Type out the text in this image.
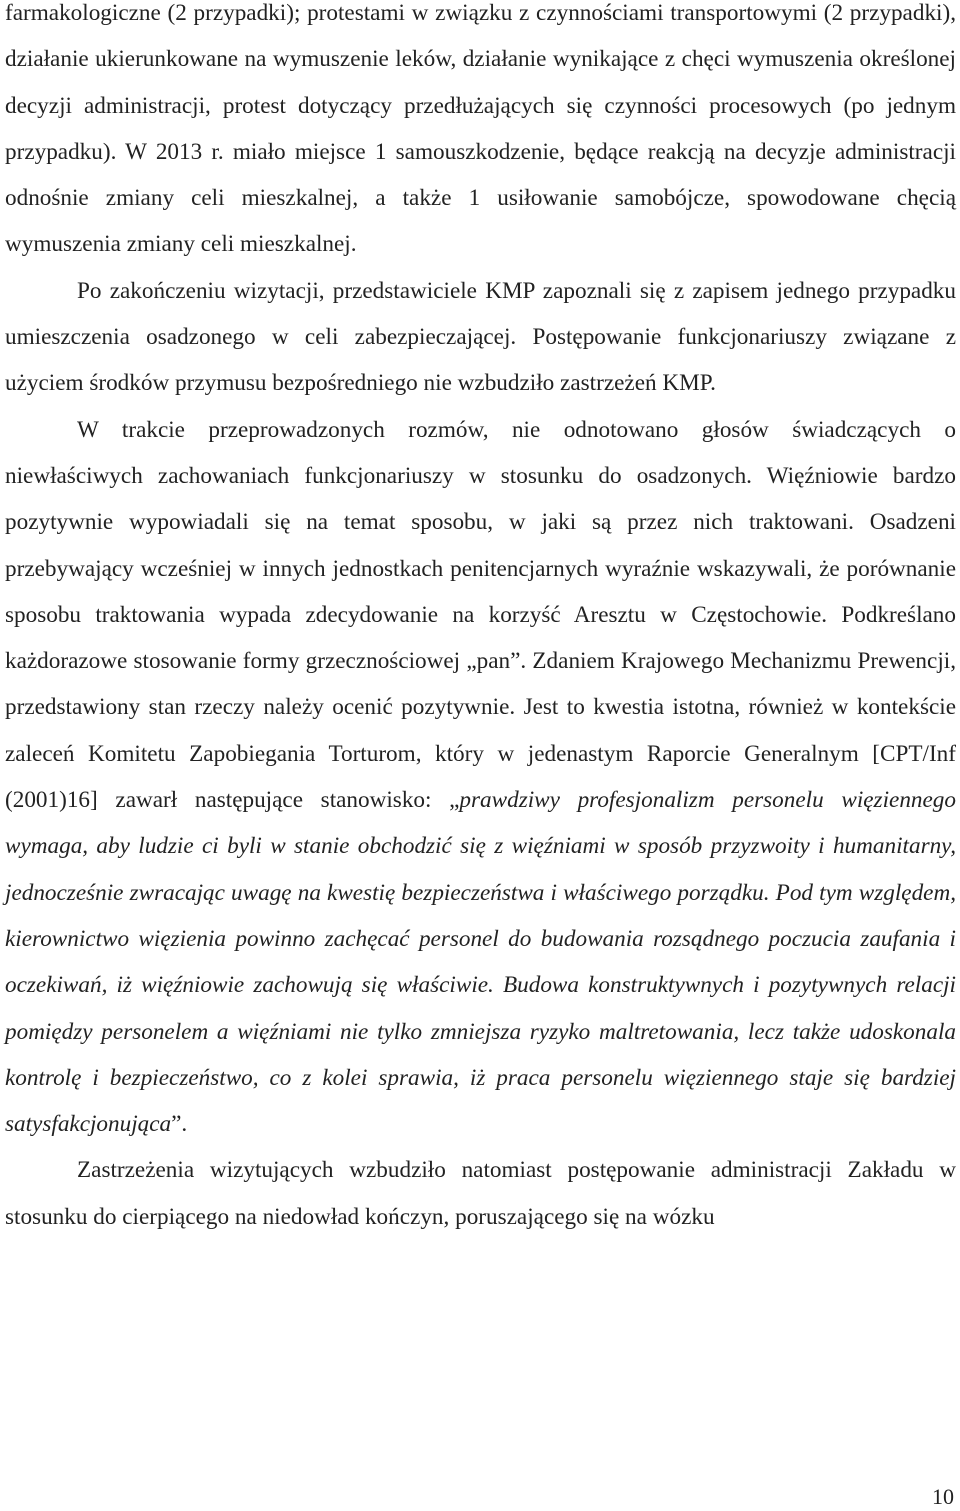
farmakologiczne (2 przypadki); protestami w związku z czynnościami transportowymi (2 przypadki), działanie ukierunkowane na wymuszenie leków, działanie wynikające z chęci wymuszenia określonej decyzji administracji, protest dotyczący przedłużających się czynności procesowych (po jednym przypadku). W 2013 r. miało miejsce 1 samouszkodzenie, będące reakcją na decyzje administracji odnośnie zmiany celi mieszkalnej, a także 1 usiłowanie samobójcze, spowodowane chęcią wymuszenia zmiany celi mieszkalnej.

Po zakończeniu wizytacji, przedstawiciele KMP zapoznali się z zapisem jednego przypadku umieszczenia osadzonego w celi zabezpieczającej. Postępowanie funkcjonariuszy związane z użyciem środków przymusu bezpośredniego nie wzbudziło zastrzeżeń KMP.

W trakcie przeprowadzonych rozmów, nie odnotowano głosów świadczących o niewłaściwych zachowaniach funkcjonariuszy w stosunku do osadzonych. Więźniowie bardzo pozytywnie wypowiadali się na temat sposobu, w jaki są przez nich traktowani. Osadzeni przebywający wcześniej w innych jednostkach penitencjarnych wyraźnie wskazywali, że porównanie sposobu traktowania wypada zdecydowanie na korzyść Aresztu w Częstochowie. Podkreślano każdorazowe stosowanie formy grzecznościowej „pan”. Zdaniem Krajowego Mechanizmu Prewencji, przedstawiony stan rzeczy należy ocenić pozytywnie. Jest to kwestia istotna, również w kontekście zaleceń Komitetu Zapobiegania Torturom, który w jedenastym Raporcie Generalnym [CPT/Inf (2001)16] zawarł następujące stanowisko: „prawdziwy profesjonalizm personelu więziennego wymaga, aby ludzie ci byli w stanie obchodzić się z więźniami w sposób przyzwoity i humanitarny, jednocześnie zwracając uwagę na kwestię bezpieczeństwa i właściwego porządku. Pod tym względem, kierownictwo więzienia powinno zachęcać personel do budowania rozsądnego poczucia zaufania i oczekiwań, iż więźniowie zachowują się właściwie. Budowa konstruktywnych i pozytywnych relacji pomiędzy personelem a więźniami nie tylko zmniejsza ryzyko maltretowania, lecz także udoskonala kontrolę i bezpieczeństwo, co z kolei sprawia, iż praca personelu więziennego staje się bardziej satysfakcjonująca”.

Zastrzeżenia wizytujących wzbudziło natomiast postępowanie administracji Zakładu w stosunku do cierpiącego na niedowład kończyn, poruszającego się na wózku

10
